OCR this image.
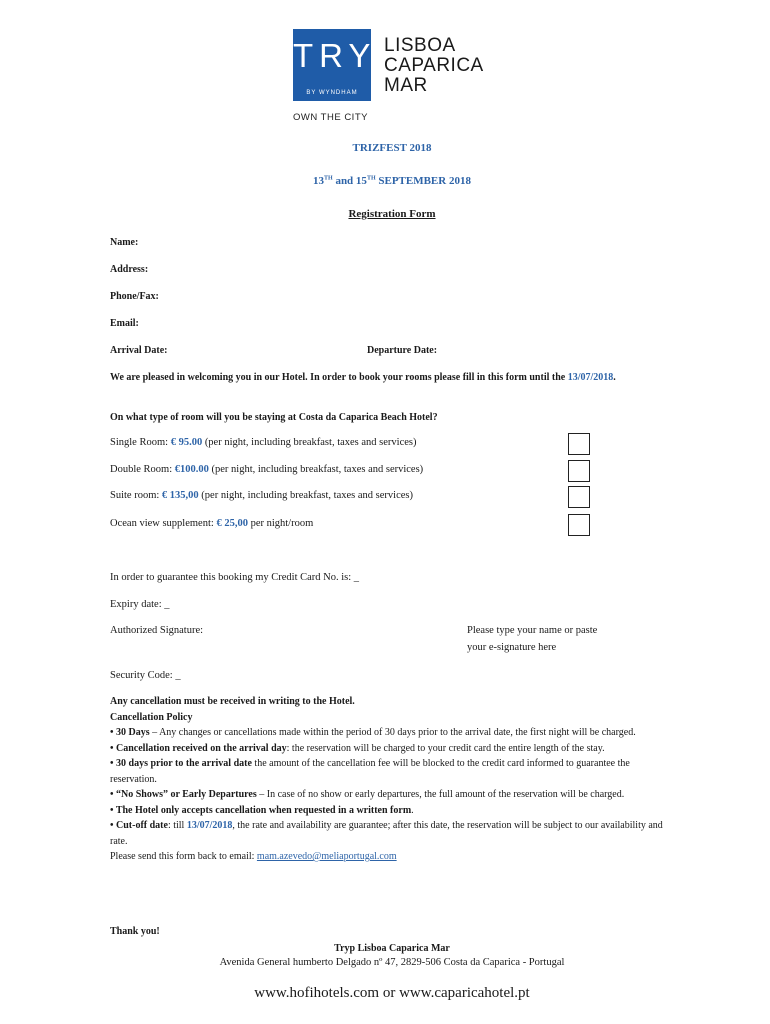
TRYP
BY WYNDHAM
LISBOA
CAPARICA
MAR
OWN THE CITY
TRIZFEST 2018
13TH and 15TH SEPTEMBER 2018
Registration Form
Name:
Address:
Phone/Fax:
Email:
Arrival Date:	Departure Date:
We are pleased in welcoming you in our Hotel. In order to book your rooms please fill in this form until the 13/07/2018.
On what type of room will you be staying at Costa da Caparica Beach Hotel?
Single Room: € 95.00 (per night, including breakfast, taxes and services)
Double Room: €100.00 (per night, including breakfast, taxes and services)
Suite room: € 135,00 (per night, including breakfast, taxes and services)
Ocean view supplement: € 25,00 per night/room
In order to guarantee this booking my Credit Card No. is: _
Expiry date: _
Authorized Signature:	Please type your name or paste
your e-signature here
Security Code: _

Any cancellation must be received in writing to the Hotel.

Cancellation Policy

• 30 Days – Any changes or cancellations made within the period of 30 days prior to the arrival date, the first night will be charged.

• Cancellation received on the arrival day: the reservation will be charged to your credit card the entire length of the stay.

• 30 days prior to the arrival date the amount of the cancellation fee will be blocked to the credit card informed to guarantee the reservation.

• “No Shows” or Early Departures – In case of no show or early departures, the full amount of the reservation will be charged.

• The Hotel only accepts cancellation when requested in a written form.

• Cut-off date: till 13/07/2018, the rate and availability are guarantee; after this date, the reservation will be subject to our availability and rate.

Please send this form back to email: mam.azevedo@meliaportugal.com

Thank you!
Tryp Lisboa Caparica Mar
Avenida General humberto Delgado nº 47, 2829-506 Costa da Caparica - Portugal
www.hofihotels.com or www.caparicahotel.pt
